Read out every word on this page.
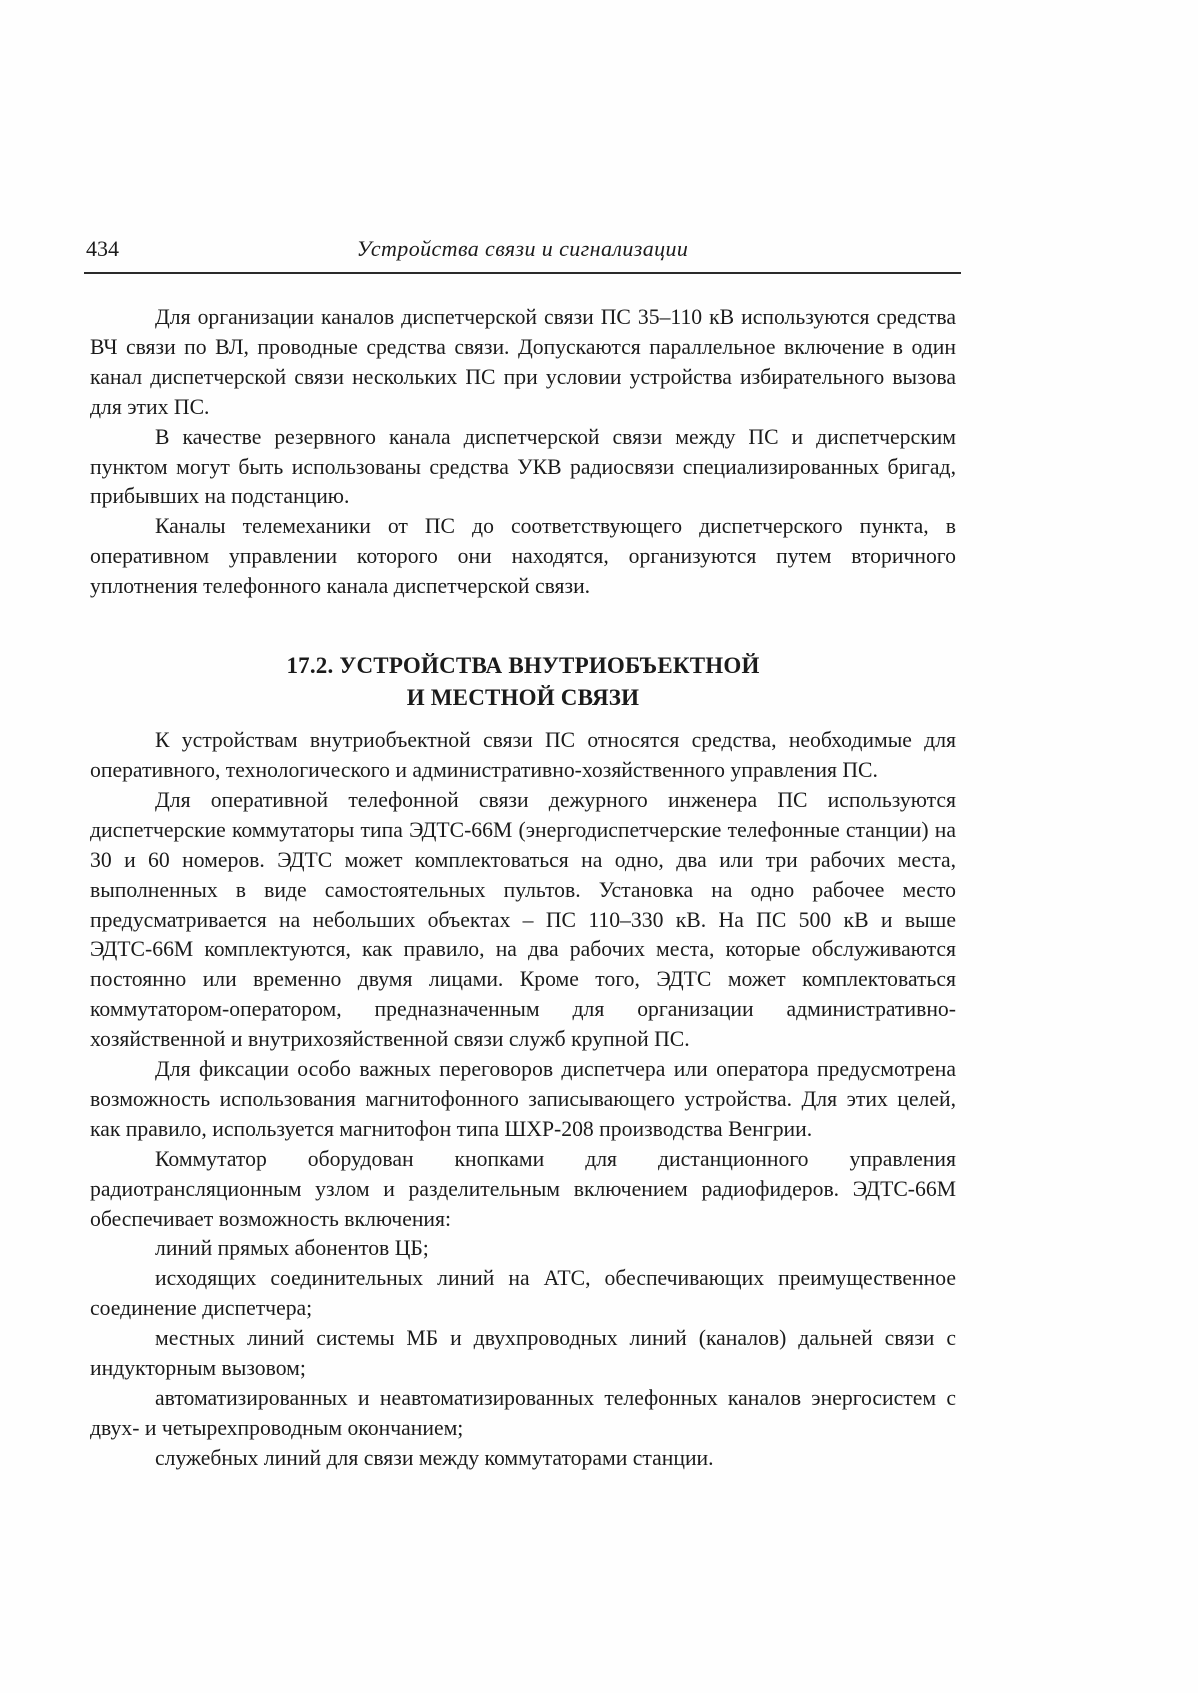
434	Устройства связи и сигнализации

Для организации каналов диспетчерской связи ПС 35–110 кВ используются средства ВЧ связи по ВЛ, проводные средства связи. Допускаются параллельное включение в один канал диспетчерской связи нескольких ПС при условии устройства избирательного вызова для этих ПС.

В качестве резервного канала диспетчерской связи между ПС и диспетчерским пунктом могут быть использованы средства УКВ радиосвязи специализированных бригад, прибывших на подстанцию.

Каналы телемеханики от ПС до соответствующего диспетчерского пункта, в оперативном управлении которого они находятся, организуются путем вторичного уплотнения телефонного канала диспетчерской связи.

17.2. УСТРОЙСТВА ВНУТРИОБЪЕКТНОЙ
И МЕСТНОЙ СВЯЗИ

К устройствам внутриобъектной связи ПС относятся средства, необходимые для оперативного, технологического и административно-хозяйственного управления ПС.

Для оперативной телефонной связи дежурного инженера ПС используются диспетчерские коммутаторы типа ЭДТС-66М (энергодиспетчерские телефонные станции) на 30 и 60 номеров. ЭДТС может комплектоваться на одно, два или три рабочих места, выполненных в виде самостоятельных пультов. Установка на одно рабочее место предусматривается на небольших объектах – ПС 110–330 кВ. На ПС 500 кВ и выше ЭДТС-66М комплектуются, как правило, на два рабочих места, которые обслуживаются постоянно или временно двумя лицами. Кроме того, ЭДТС может комплектоваться коммутатором-оператором, предназначенным для организации административно-хозяйственной и внутрихозяйственной связи служб крупной ПС.

Для фиксации особо важных переговоров диспетчера или оператора предусмотрена возможность использования магнитофонного записывающего устройства. Для этих целей, как правило, используется магнитофон типа ШХР-208 производства Венгрии.

Коммутатор оборудован кнопками для дистанционного управления радиотрансляционным узлом и разделительным включением радиофидеров. ЭДТС-66М обеспечивает возможность включения:

линий прямых абонентов ЦБ;

исходящих соединительных линий на АТС, обеспечивающих преимущественное соединение диспетчера;

местных линий системы МБ и двухпроводных линий (каналов) дальней связи с индукторным вызовом;

автоматизированных и неавтоматизированных телефонных каналов энергосистем с двух- и четырехпроводным окончанием;

служебных линий для связи между коммутаторами станции.
